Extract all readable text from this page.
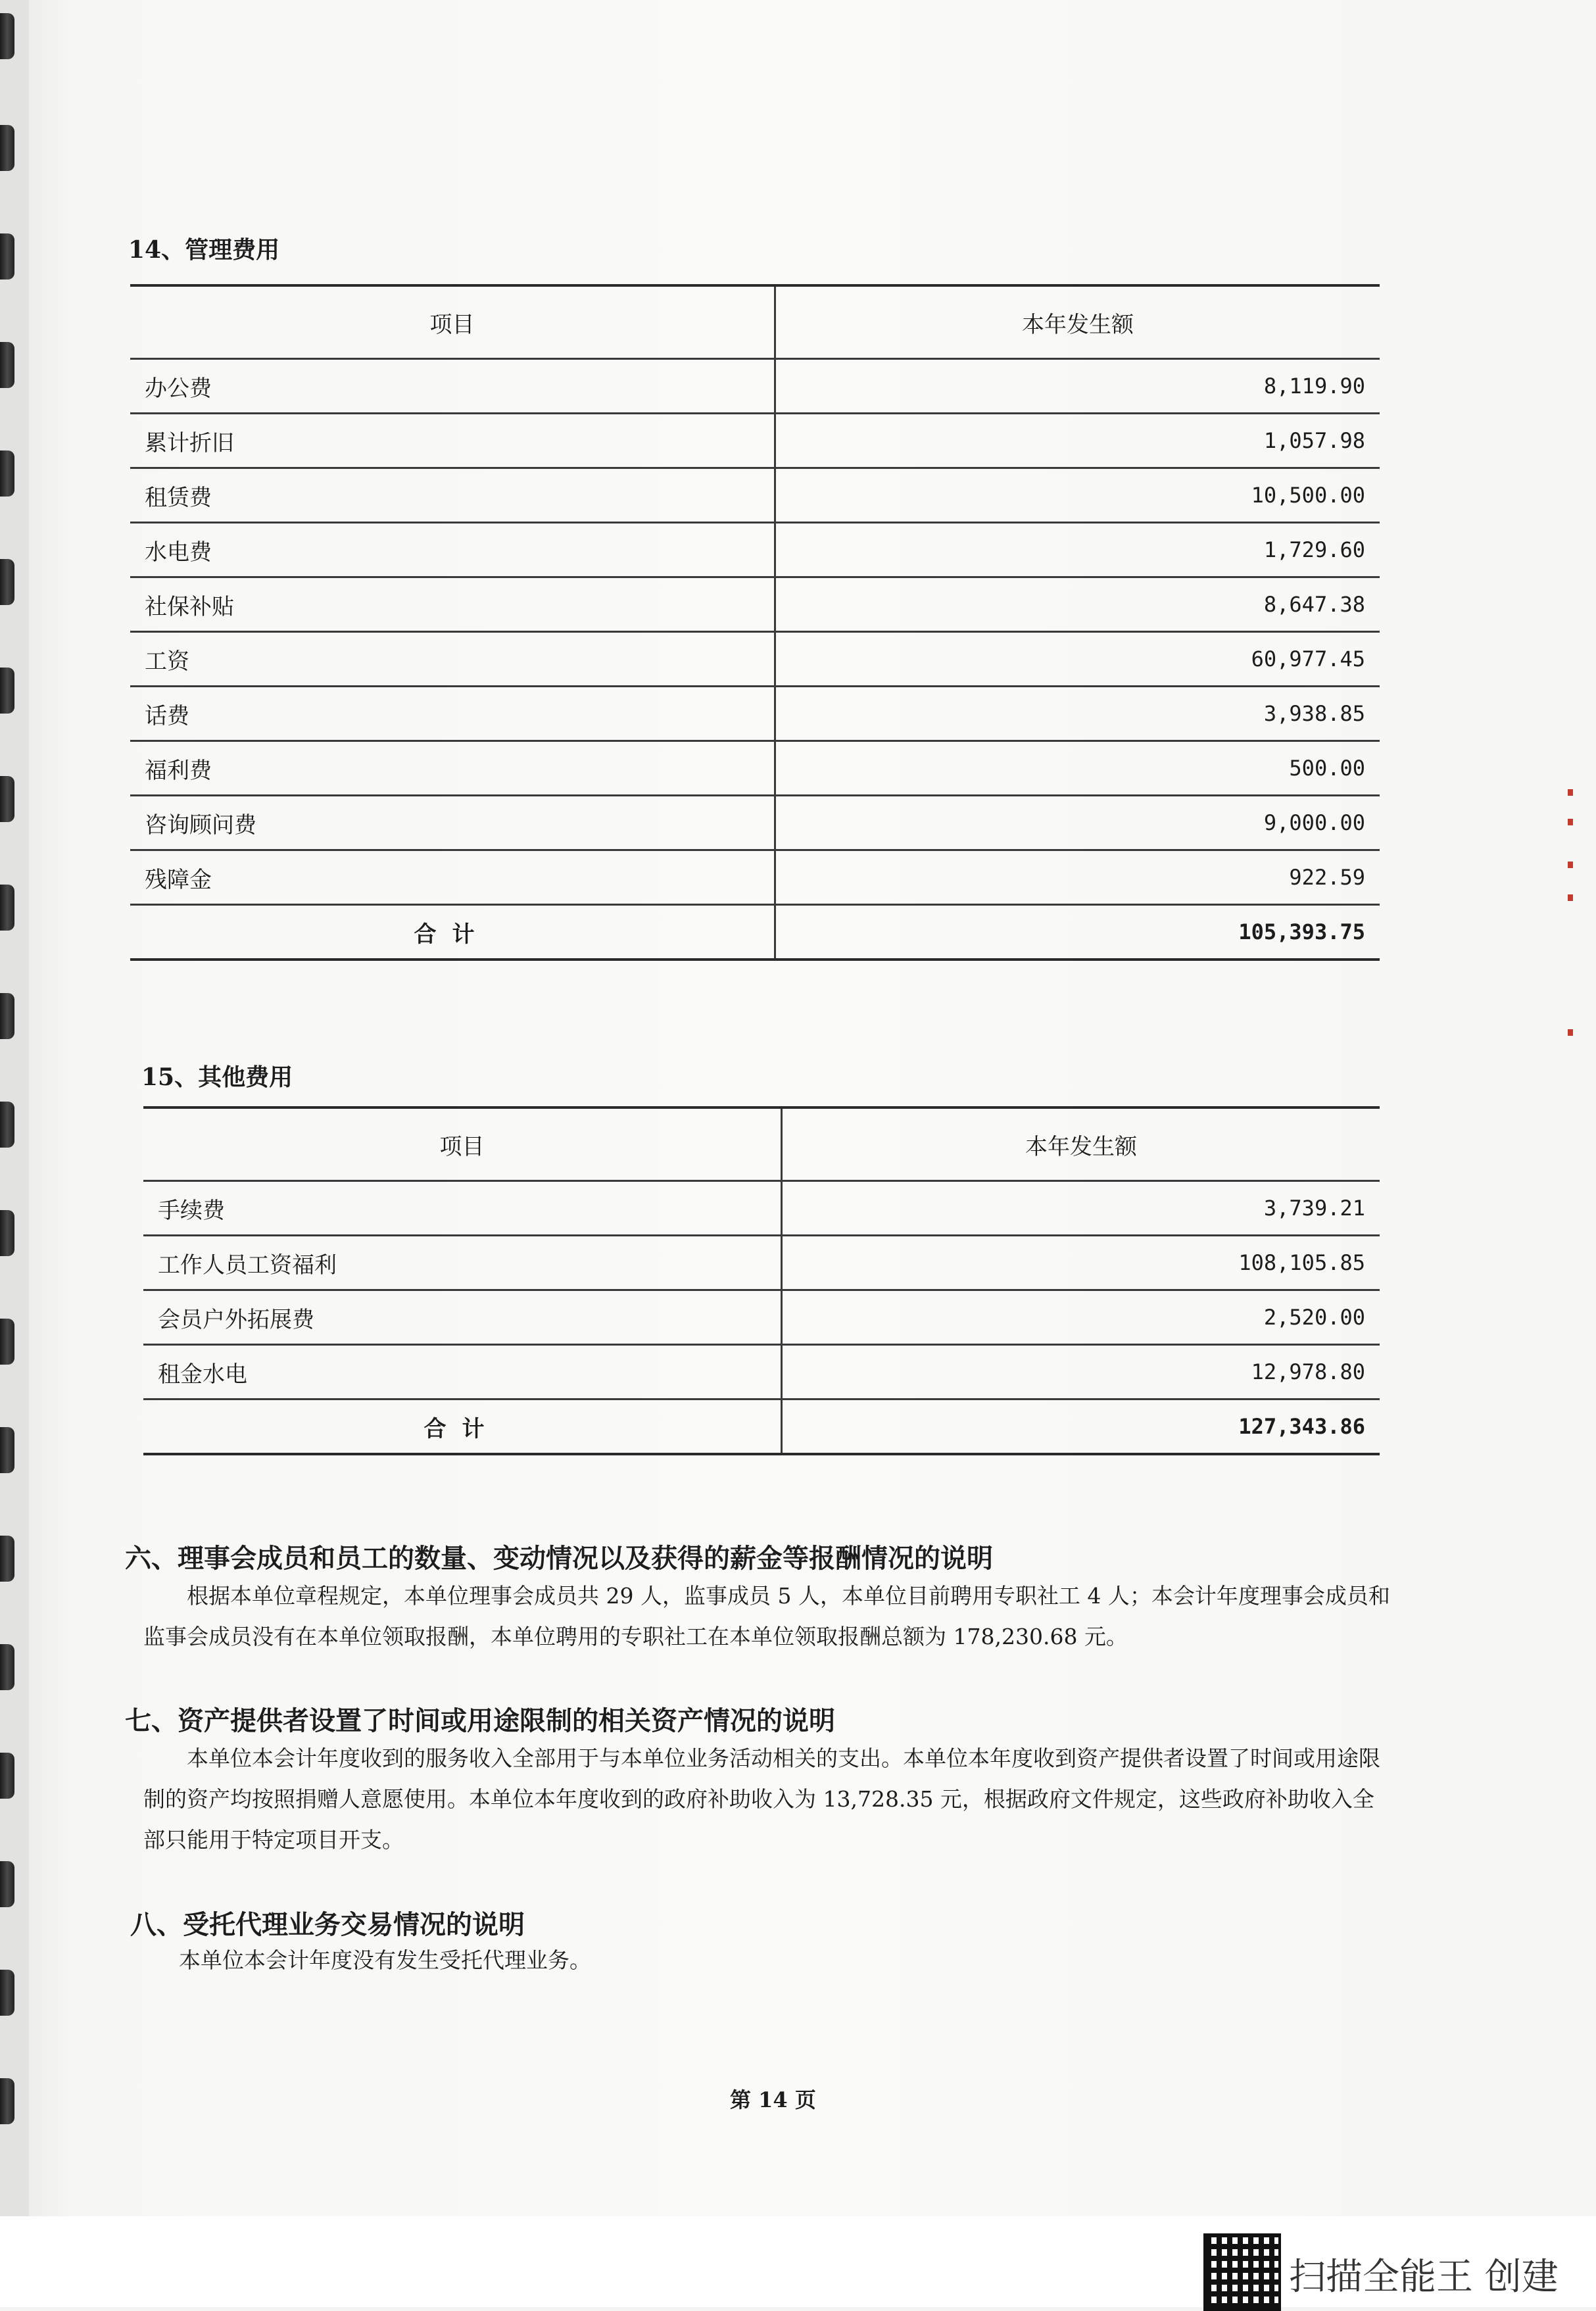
14、管理费用
项目	本年发生额
办公费	8,119.90
累计折旧	1,057.98
租赁费	10,500.00
水电费	1,729.60
社保补贴	8,647.38
工资	60,977.45
话费	3,938.85
福利费	500.00
咨询顾问费	9,000.00
残障金	922.59
合计	105,393.75
15、其他费用
项目	本年发生额
手续费	3,739.21
工作人员工资福利	108,105.85
会员户外拓展费	2,520.00
租金水电	12,978.80
合计	127,343.86
六、理事会成员和员工的数量、变动情况以及获得的薪金等报酬情况的说明
根据本单位章程规定，本单位理事会成员共 29 人，监事成员 5 人，本单位目前聘用专职社工 4 人；本会计年度理事会成员和监事会成员没有在本单位领取报酬，本单位聘用的专职社工在本单位领取报酬总额为 178,230.68 元。
七、资产提供者设置了时间或用途限制的相关资产情况的说明
本单位本会计年度收到的服务收入全部用于与本单位业务活动相关的支出。本单位本年度收到资产提供者设置了时间或用途限制的资产均按照捐赠人意愿使用。本单位本年度收到的政府补助收入为 13,728.35 元，根据政府文件规定，这些政府补助收入全部只能用于特定项目开支。
八、受托代理业务交易情况的说明
本单位本会计年度没有发生受托代理业务。
第 14 页
扫描全能王 创建
